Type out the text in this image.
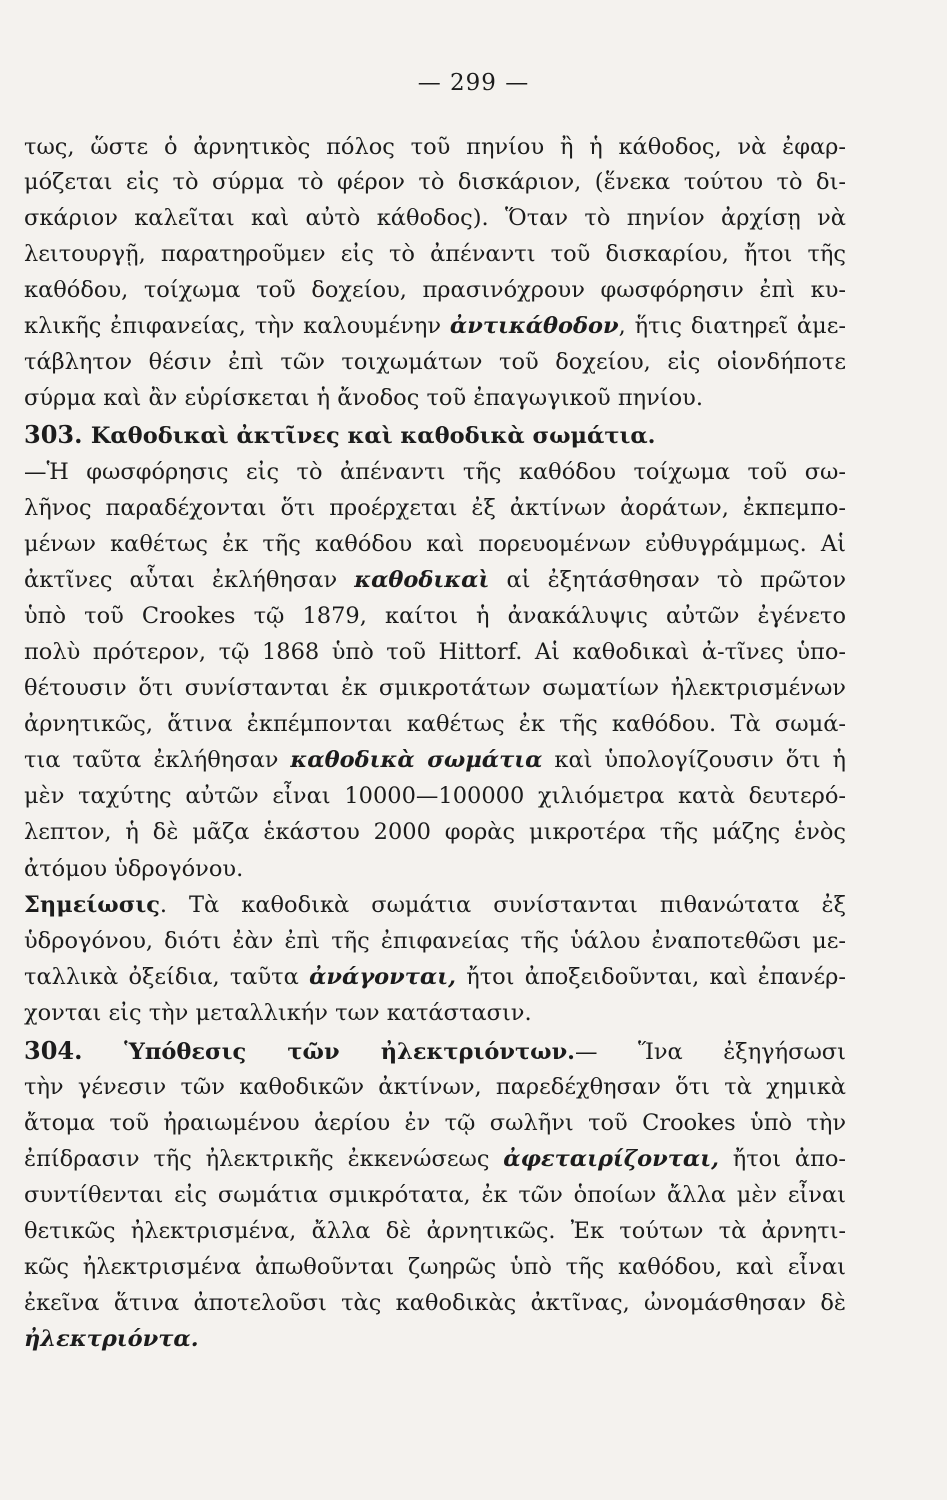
— 299 —
τως, ὥστε ὁ ἀρνητικὸς πόλος τοῦ πηνίου ἢ ἡ κάθοδος, νὰ ἐφαρ-
μόζεται εἰς τὸ σύρμα τὸ φέρον τὸ δισκάριον, (ἕνεκα τούτου τὸ δι-
σκάριον καλεῖται καὶ αὐτὸ κάθοδος). Ὅταν τὸ πηνίον ἀρχίσῃ νὰ
λειτουργῇ, παρατηροῦμεν εἰς τὸ ἀπέναντι τοῦ δισκαρίου, ἤτοι τῆς
καθόδου, τοίχωμα τοῦ δοχείου, πρασινόχρουν φωσφόρησιν ἐπὶ κυ-
κλικῆς ἐπιφανείας, τὴν καλουμένην ἀντικάθοδον, ἥτις διατηρεῖ ἀμε-
τάβλητον θέσιν ἐπὶ τῶν τοιχωμάτων τοῦ δοχείου, εἰς οἱονδήποτε
σύρμα καὶ ἂν εὑρίσκεται ἡ ἄνοδος τοῦ ἐπαγωγικοῦ πηνίου.
303. Καθοδικαὶ ἀκτῖνες καὶ καθοδικὰ σωμάτια.
—Ἡ φωσφόρησις εἰς τὸ ἀπέναντι τῆς καθόδου τοίχωμα τοῦ σω-
λῆνος παραδέχονται ὅτι προέρχεται ἐξ ἀκτίνων ἀοράτων, ἐκπεμπο-
μένων καθέτως ἐκ τῆς καθόδου καὶ πορευομένων εὐθυγράμμως. Αἱ
ἀκτῖνες αὗται ἐκλήθησαν καθοδικαὶ αἱ ἐξητάσθησαν τὸ πρῶτον
ὑπὸ τοῦ Crookes τῷ 1879, καίτοι ἡ ἀνακάλυψις αὐτῶν ἐγένετο
πολὺ πρότερον, τῷ 1868 ὑπὸ τοῦ Hittorf. Αἱ καθοδικαὶ ἀ-τῖνες ὑπο-
θέτουσιν ὅτι συνίστανται ἐκ σμικροτάτων σωματίων ἠλεκτρισμένων
ἀρνητικῶς, ἅτινα ἐκπέμπονται καθέτως ἐκ τῆς καθόδου. Τὰ σωμά-
τια ταῦτα ἐκλήθησαν καθοδικὰ σωμάτια καὶ ὑπολογίζουσιν ὅτι ἡ
μὲν ταχύτης αὐτῶν εἶναι 10000—100000 χιλιόμετρα κατὰ δευτερό-
λεπτον, ἡ δὲ μᾶζα ἑκάστου 2000 φορὰς μικροτέρα τῆς μάζης ἑνὸς
ἀτόμου ὑδρογόνου.
Σημείωσις. Τὰ καθοδικὰ σωμάτια συνίστανται πιθανώτατα ἐξ
ὑδρογόνου, διότι ἐὰν ἐπὶ τῆς ἐπιφανείας τῆς ὑάλου ἐναποτεθῶσι με-
ταλλικὰ ὀξείδια, ταῦτα ἀνάγονται, ἤτοι ἀποξειδοῦνται, καὶ ἐπανέρ-
χονται εἰς τὴν μεταλλικήν των κατάστασιν.
304. Ὑπόθεσις τῶν ἠλεκτριόντων.— Ἵνα ἐξηγήσωσι
τὴν γένεσιν τῶν καθοδικῶν ἀκτίνων, παρεδέχθησαν ὅτι τὰ χημικὰ
ἄτομα τοῦ ἠραιωμένου ἀερίου ἐν τῷ σωλῆνι τοῦ Crookes ὑπὸ τὴν
ἐπίδρασιν τῆς ἠλεκτρικῆς ἐκκενώσεως ἀφεταιρίζονται, ἤτοι ἀπο-
συντίθενται εἰς σωμάτια σμικρότατα, ἐκ τῶν ὁποίων ἄλλα μὲν εἶναι
θετικῶς ἠλεκτρισμένα, ἄλλα δὲ ἀρνητικῶς. Ἐκ τούτων τὰ ἀρνητι-
κῶς ἠλεκτρισμένα ἀπωθοῦνται ζωηρῶς ὑπὸ τῆς καθόδου, καὶ εἶναι
ἐκεῖνα ἅτινα ἀποτελοῦσι τὰς καθοδικὰς ἀκτῖνας, ὠνομάσθησαν δὲ
ἠλεκτριόντα.
